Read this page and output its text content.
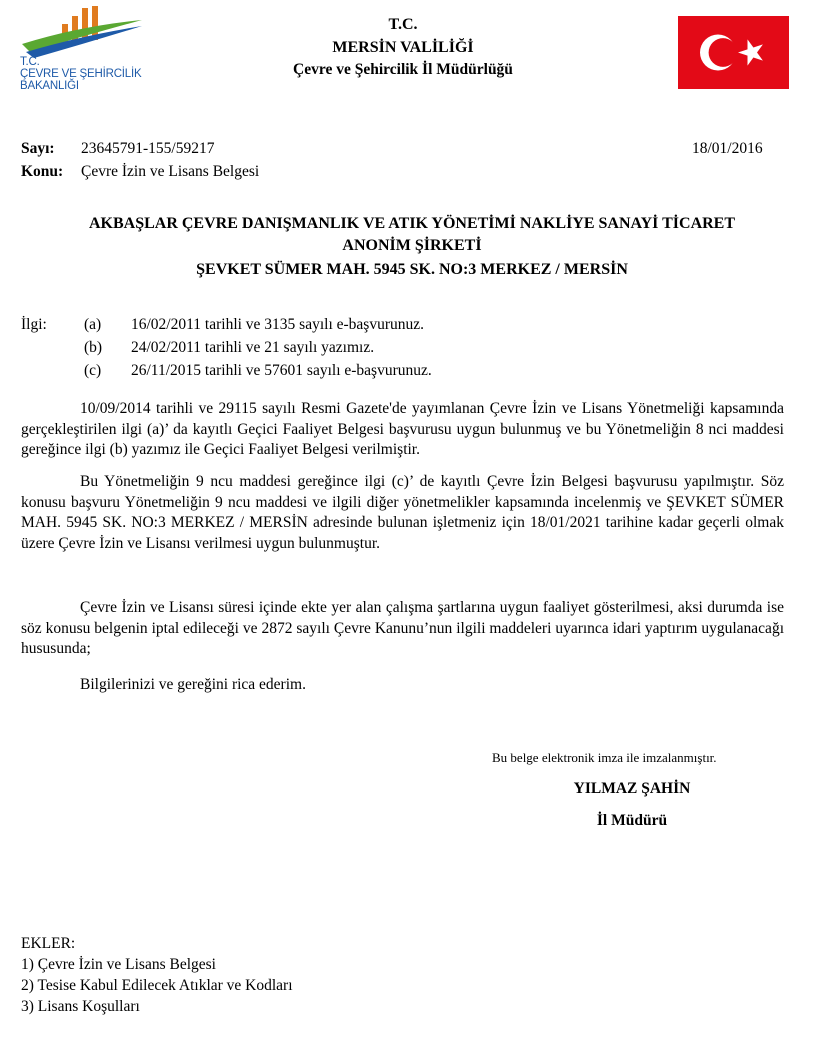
T.C.
ÇEVRE VE ŞEHİRCİLİK
BAKANLIĞI
T.C.
MERSİN VALİLİĞİ
Çevre ve Şehircilik İl Müdürlüğü
Sayı: 23645791-155/59217	18/01/2016
Konu: Çevre İzin ve Lisans Belgesi
AKBAŞLAR ÇEVRE DANIŞMANLIK VE ATIK YÖNETİMİ NAKLİYE SANAYİ TİCARET
ANONİM ŞİRKETİ
ŞEVKET SÜMER MAH. 5945 SK. NO:3 MERKEZ / MERSİN
İlgi: (a) 16/02/2011 tarihli ve 3135 sayılı e-başvurunuz.
(b) 24/02/2011 tarihli ve 21 sayılı yazımız.
(c) 26/11/2015 tarihli ve 57601 sayılı e-başvurunuz.
10/09/2014 tarihli ve 29115 sayılı Resmi Gazete'de yayımlanan Çevre İzin ve Lisans Yönetmeliği kapsamında gerçekleştirilen ilgi (a)’ da kayıtlı Geçici Faaliyet Belgesi başvurusu uygun bulunmuş ve bu Yönetmeliğin 8 nci maddesi gereğince ilgi (b) yazımız ile Geçici Faaliyet Belgesi verilmiştir.
Bu Yönetmeliğin 9 ncu maddesi gereğince ilgi (c)’ de kayıtlı Çevre İzin Belgesi başvurusu yapılmıştır. Söz konusu başvuru Yönetmeliğin 9 ncu maddesi ve ilgili diğer yönetmelikler kapsamında incelenmiş ve ŞEVKET SÜMER MAH. 5945 SK. NO:3 MERKEZ / MERSİN adresinde bulunan işletmeniz için 18/01/2021 tarihine kadar geçerli olmak üzere Çevre İzin ve Lisansı verilmesi uygun bulunmuştur.
Çevre İzin ve Lisansı süresi içinde ekte yer alan çalışma şartlarına uygun faaliyet gösterilmesi, aksi durumda ise söz konusu belgenin iptal edileceği ve 2872 sayılı Çevre Kanunu’nun ilgili maddeleri uyarınca idari yaptırım uygulanacağı hususunda;
Bilgilerinizi ve gereğini rica ederim.
Bu belge elektronik imza ile imzalanmıştır.
YILMAZ ŞAHİN
İl Müdürü
EKLER:
1) Çevre İzin ve Lisans Belgesi
2) Tesise Kabul Edilecek Atıklar ve Kodları
3) Lisans Koşulları
